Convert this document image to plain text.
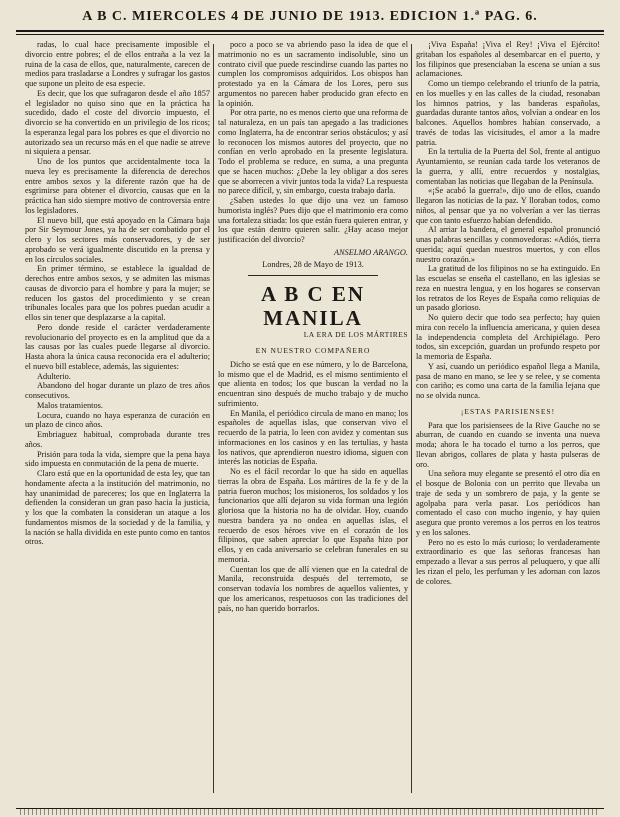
A B C. MIERCOLES 4 DE JUNIO DE 1913. EDICION 1.ª PAG. 6.

radas, lo cual hace precisamente imposible el divorcio entre pobres; el de ellos entraña a la vez la ruina de la casa de ellos, que, naturalmente, carecen de medios para trasladarse a Londres y sufragar los gastos que supone un pleito de esa especie.

Es decir, que los que sufragaron desde el año 1857 el legislador no quiso sino que en la práctica ha sucedido, dado el coste del divorcio impuesto, el divorcio se ha convertido en un privilegio de los ricos; la esperanza legal para los pobres es que el divorcio no autorizado sea un recurso más en el que nadie se atreve ni siquiera a pensar.

Uno de los puntos que accidentalmente toca la nueva ley es precisamente la diferencia de derechos entre ambos sexos y la diferente razón que ha de esgrimirse para obtener el divorcio, causas que en la práctica han sido siempre motivo de controversia entre los legisladores.

El nuevo bill, que está apoyado en la Cámara baja por Sir Seymour Jones, ya ha de ser combatido por el clero y los sectores más conservadores, y de ser aprobado se verá igualmente discutido en la prensa y en los círculos sociales.

En primer término, se establece la igualdad de derechos entre ambos sexos, y se admiten las mismas causas de divorcio para el hombre y para la mujer; se reducen los gastos del procedimiento y se crean tribunales locales para que los pobres puedan acudir a ellos sin tener que desplazarse a la capital.

Pero donde reside el carácter verdaderamente revolucionario del proyecto es en la amplitud que da a las causas por las cuales puede llegarse al divorcio. Hasta ahora la única causa reconocida era el adulterio; el nuevo bill establece, además, las siguientes:

Adulterio.

Abandono del hogar durante un plazo de tres años consecutivos.

Malos tratamientos.

Locura, cuando no haya esperanza de curación en un plazo de cinco años.

Embriaguez habitual, comprobada durante tres años.

Prisión para toda la vida, siempre que la pena haya sido impuesta en conmutación de la pena de muerte.

Claro está que en la oportunidad de esta ley, que tan hondamente afecta a la institución del matrimonio, no hay unanimidad de pareceres; los que en Inglaterra la defienden la consideran un gran paso hacia la justicia, y los que la combaten la consideran un ataque a los fundamentos mismos de la sociedad y de la familia, y la nación se halla dividida en este punto como en tantos otros.

poco a poco se va abriendo paso la idea de que el matrimonio no es un sacramento indisoluble, sino un contrato civil que puede rescindirse cuando las partes no cumplen los compromisos adquiridos. Los obispos han protestado ya en la Cámara de los Lores, pero sus argumentos no parecen haber producido gran efecto en la opinión.

Por otra parte, no es menos cierto que una reforma de tal naturaleza, en un país tan apegado a las tradiciones como Inglaterra, ha de encontrar serios obstáculos; y así lo reconocen los mismos autores del proyecto, que no confían en verlo aprobado en la presente legislatura. Todo el problema se reduce, en suma, a una pregunta que se hacen muchos: ¿Debe la ley obligar a dos seres que se aborrecen a vivir juntos toda la vida? La respuesta no parece difícil, y, sin embargo, cuesta trabajo darla.

¿Saben ustedes lo que dijo una vez un famoso humorista inglés? Pues dijo que el matrimonio era como una fortaleza sitiada: los que están fuera quieren entrar, y los que están dentro quieren salir. ¿Hay acaso mejor justificación del divorcio?

ANSELMO ARANGO.
Londres, 28 de Mayo de 1913.
A B C EN MANILA
LA ERA DE LOS MÁRTIRES
EN NUESTRO COMPAÑERO

Dicho se está que en ese número, y lo de Barcelona, lo mismo que el de Madrid, es el mismo sentimiento el que alienta en todos; los que buscan la verdad no la encuentran sino después de mucho trabajo y de mucho sufrimiento.

En Manila, el periódico circula de mano en mano; los españoles de aquellas islas, que conservan vivo el recuerdo de la patria, lo leen con avidez y comentan sus informaciones en los casinos y en las tertulias, y hasta los nativos, que aprendieron nuestro idioma, siguen con interés las noticias de España.

No es el fácil recordar lo que ha sido en aquellas tierras la obra de España. Los mártires de la fe y de la patria fueron muchos; los misioneros, los soldados y los funcionarios que allí dejaron su vida forman una legión gloriosa que la historia no ha de olvidar. Hoy, cuando nuestra bandera ya no ondea en aquellas islas, el recuerdo de esos héroes vive en el corazón de los filipinos, que saben apreciar lo que España hizo por ellos, y en cada aniversario se celebran funerales en su memoria.

Cuentan los que de allí vienen que en la catedral de Manila, reconstruida después del terremoto, se conservan todavía los nombres de aquellos valientes, y que los americanos, respetuosos con las tradiciones del país, no han querido borrarlos.

¡Viva España! ¡Viva el Rey! ¡Viva el Ejército! gritaban los españoles al desembarcar en el puerto, y los filipinos que presenciaban la escena se unían a sus aclamaciones.

Como un tiempo celebrando el triunfo de la patria, en los muelles y en las calles de la ciudad, resonaban los himnos patrios, y las banderas españolas, guardadas durante tantos años, volvían a ondear en los balcones. Aquellos hombres habían conservado, a través de todas las vicisitudes, el amor a la madre patria.

En la tertulia de la Puerta del Sol, frente al antiguo Ayuntamiento, se reunían cada tarde los veteranos de la guerra, y allí, entre recuerdos y nostalgias, comentaban las noticias que llegaban de la Península.

«¡Se acabó la guerra!», dijo uno de ellos, cuando llegaron las noticias de la paz. Y lloraban todos, como niños, al pensar que ya no volverían a ver las tierras que con tanto esfuerzo habían defendido.

Al arriar la bandera, el general español pronunció unas palabras sencillas y conmovedoras: «Adiós, tierra querida; aquí quedan nuestros muertos, y con ellos nuestro corazón.»

La gratitud de los filipinos no se ha extinguido. En las escuelas se enseña el castellano, en las iglesias se reza en nuestra lengua, y en los hogares se conservan los retratos de los Reyes de España como reliquias de un pasado glorioso.

No quiero decir que todo sea perfecto; hay quien mira con recelo la influencia americana, y quien desea la independencia completa del Archipiélago. Pero todos, sin excepción, guardan un profundo respeto por la memoria de España.

Y así, cuando un periódico español llega a Manila, pasa de mano en mano, se lee y se relee, y se comenta con cariño; es como una carta de la familia lejana que no se olvida nunca.

¡ESTAS PARISIENSES!

Para que los parisiensees de la Rive Gauche no se aburran, de cuando en cuando se inventa una nueva moda; ahora le ha tocado el turno a los perros, que llevan abrigos, collares de plata y hasta pulseras de oro.

Una señora muy elegante se presentó el otro día en el bosque de Bolonia con un perrito que llevaba un traje de seda y un sombrero de paja, y la gente se agolpaba para verla pasar. Los periódicos han comentado el caso con mucho ingenio, y hay quien asegura que pronto veremos a los perros en los teatros y en los salones.

Pero no es esto lo más curioso; lo verdaderamente extraordinario es que las señoras francesas han empezado a llevar a sus perros al peluquero, y que allí les rizan el pelo, les perfuman y les adornan con lazos de colores.
